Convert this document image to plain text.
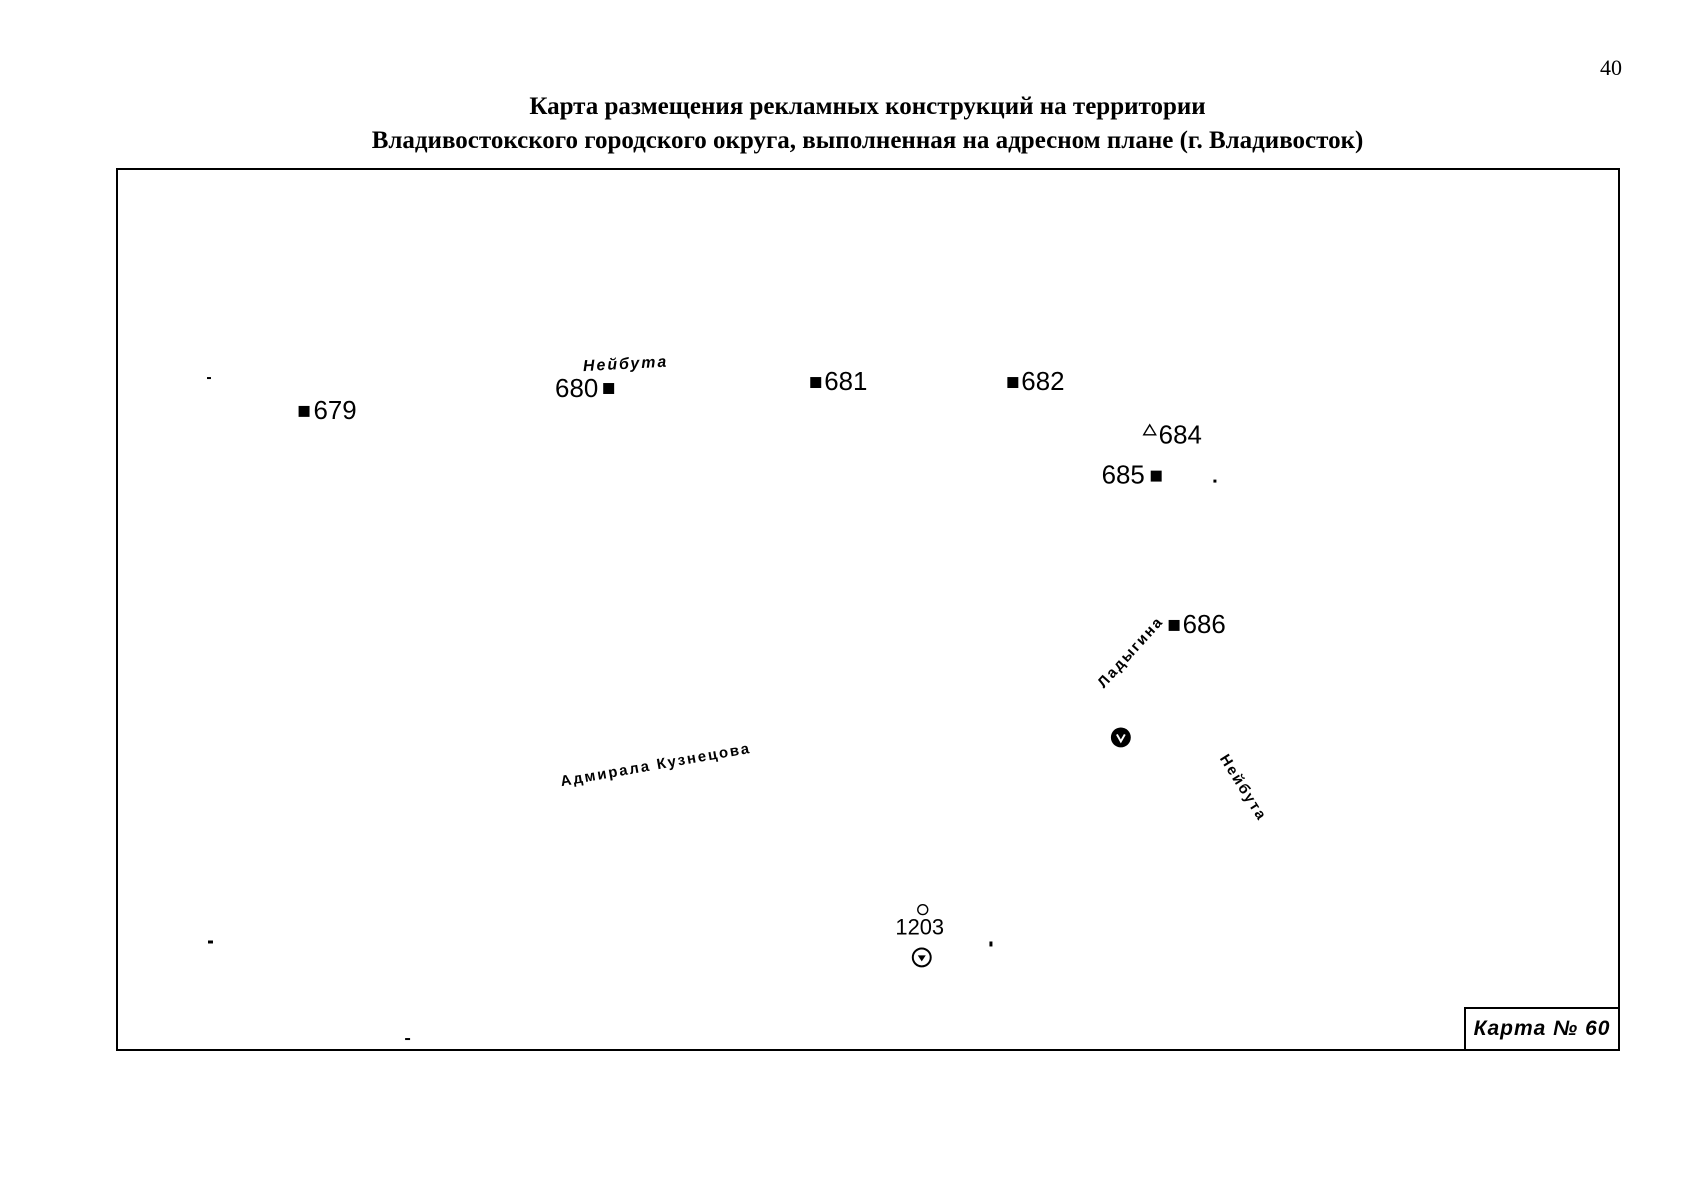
40
Карта размещения рекламных конструкций на территории
Владивостокского городского округа, выполненная на адресном плане (г. Владивосток)
Нейбута
Адмирала Кузнецова
Ладыгина
Нейбута
679
680	681	682
684
685
686
1203
Карта № 60
